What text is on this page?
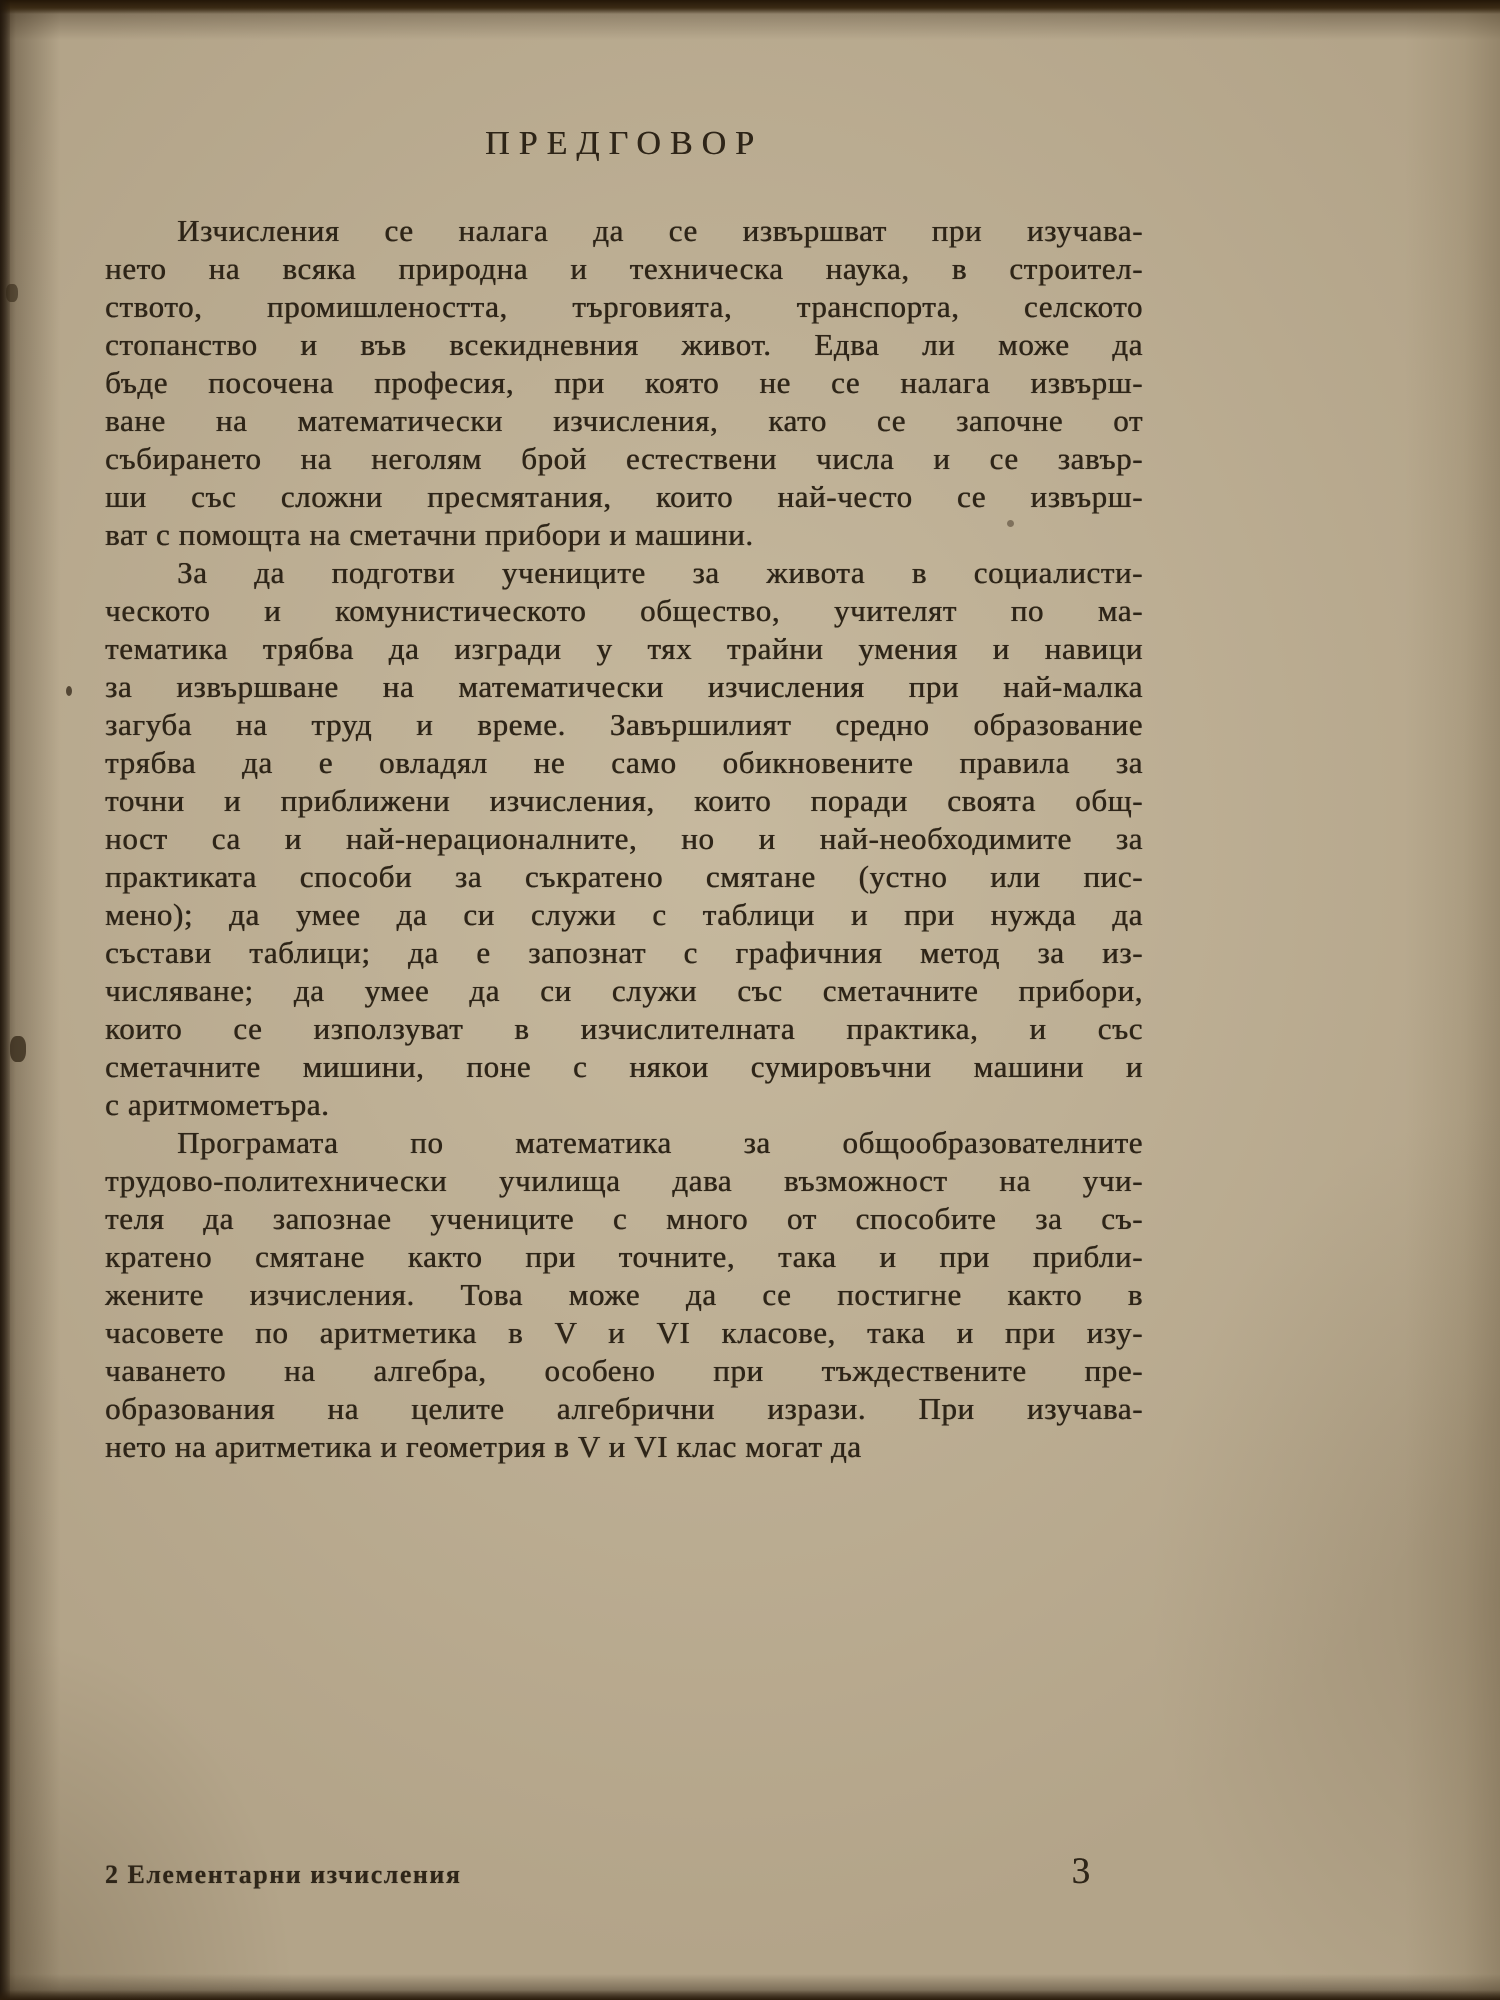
ПРЕДГОВОР
Изчисления се налага да се извършват при изучава-
нето на всяка природна и техническа наука, в строител-
ството, промишлеността, търговията, транспорта, селското
стопанство и във всекидневния живот. Едва ли може да
бъде посочена професия, при която не се налага извърш-
ване на математически изчисления, като се започне от
събирането на неголям брой естествени числа и се завър-
ши със сложни пресмятания, които най-често се извърш-
ват с помощта на сметачни прибори и машини.
За да подготви учениците за живота в социалисти-
ческото и комунистическото общество, учителят по ма-
тематика трябва да изгради у тях трайни умения и навици
за извършване на математически изчисления при най-малка
загуба на труд и време. Завършилият средно образование
трябва да е овладял не само обикновените правила за
точни и приближени изчисления, които поради своята общ-
ност са и най-нерационалните, но и най-необходимите за
практиката способи за съкратено смятане (устно или пис-
мено); да умее да си служи с таблици и при нужда да
състави таблици; да е запознат с графичния метод за из-
числяване; да умее да си служи със сметачните прибори,
които се използуват в изчислителната практика, и със
сметачните мишини, поне с някои сумировъчни машини и
с аритмометъра.
Програмата по математика за общообразователните
трудово-политехнически училища дава възможност на учи-
теля да запознае учениците с много от способите за съ-
кратено смятане както при точните, така и при прибли-
жените изчисления. Това може да се постигне както в
часовете по аритметика в V и VI класове, така и при изу-
чаването на алгебра, особено при тъждествените пре-
образования на целите алгебрични изрази. При изучава-
нето на аритметика и геометрия в V и VI клас могат да
2 Елементарни изчисления	3
